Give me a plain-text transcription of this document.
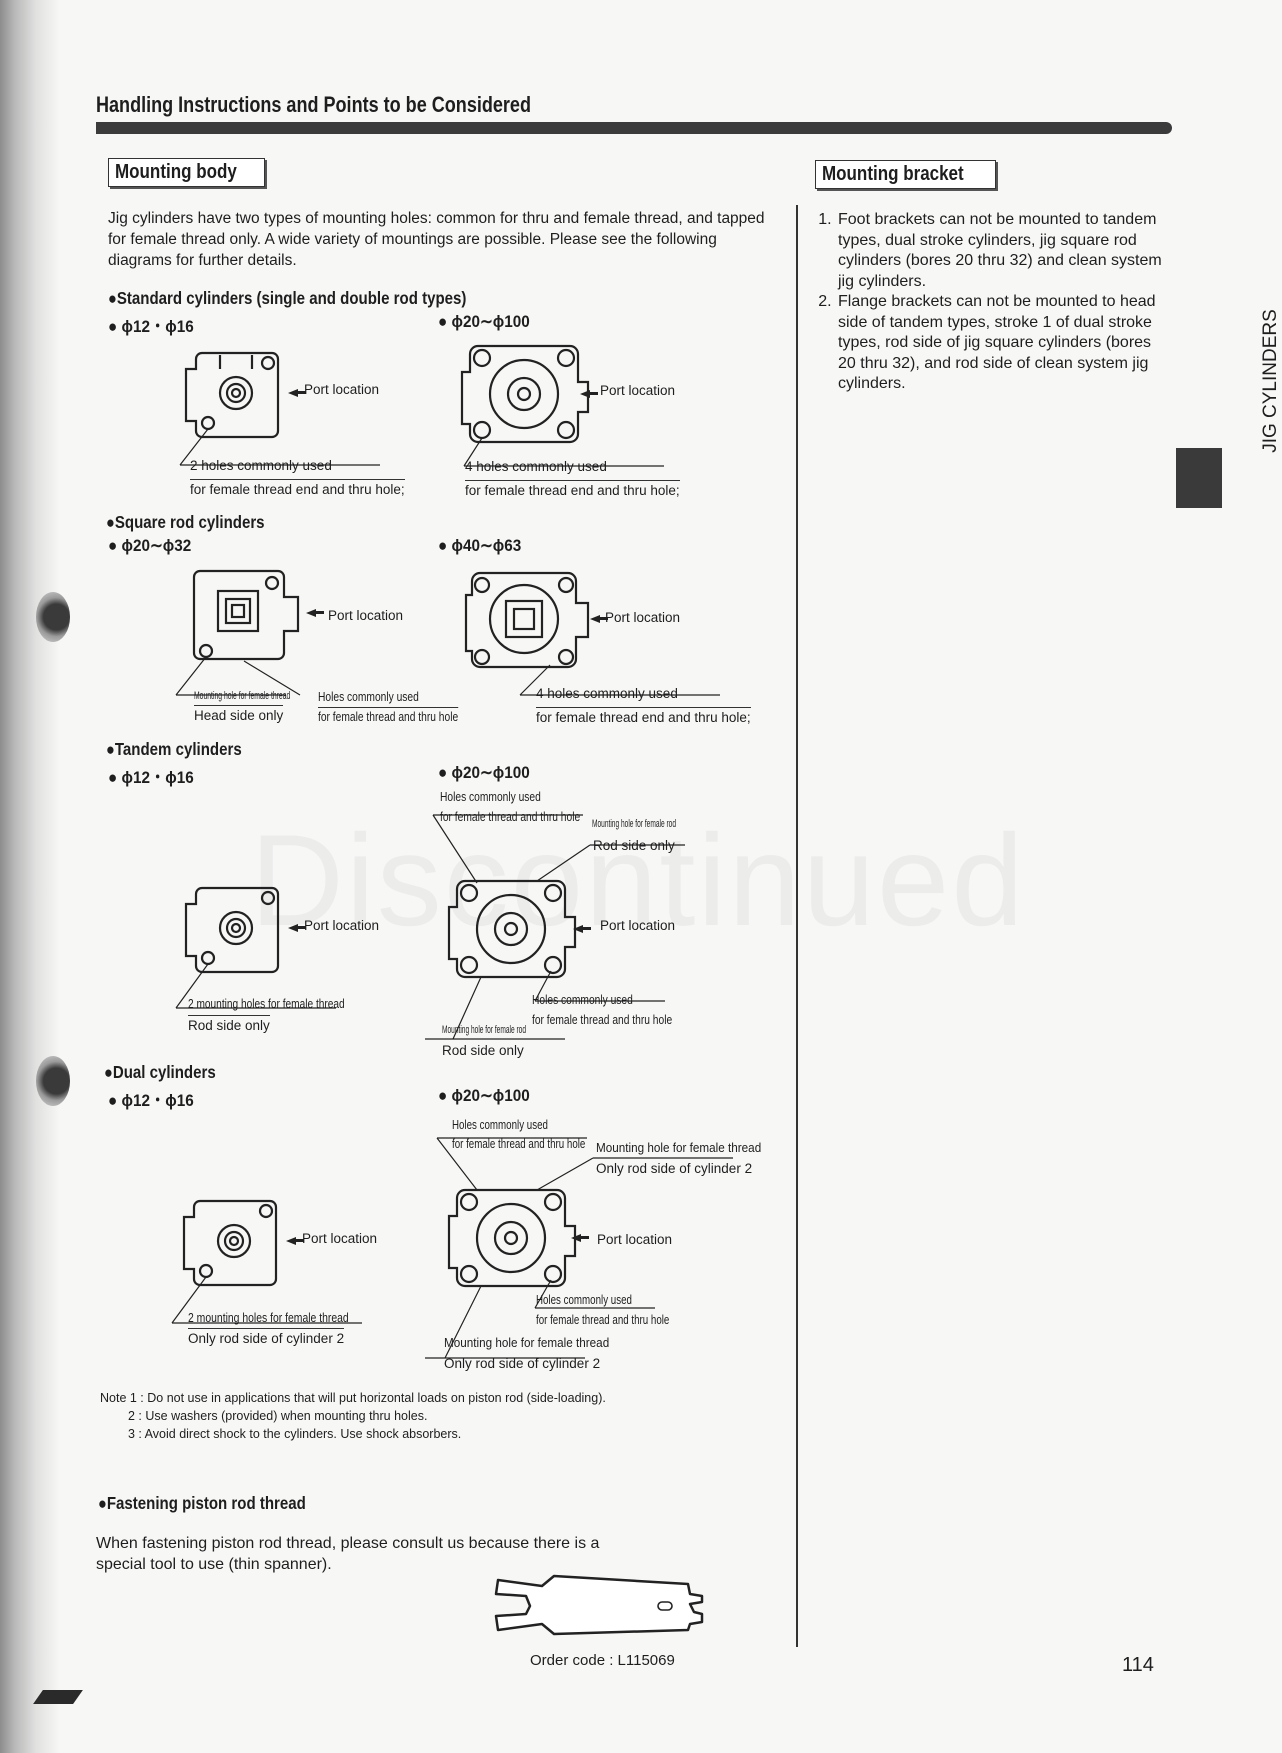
Handling Instructions and Points to be Considered
Mounting body
Jig cylinders have two types of mounting holes: common for thru and female thread, and tapped for female thread only. A wide variety of mountings are possible. Please see the following diagrams for further details.
●Standard cylinders (single and double rod types)
● ϕ12・ϕ16	● ϕ20∼ϕ100
Port location
2 holes commonly used
for female thread end and thru hole;
Port location
4 holes commonly used
for female thread end and thru hole;
●Square rod cylinders
● ϕ20∼ϕ32	● ϕ40∼ϕ63
Mounting hole for female thread
Head side only
Holes commonly used
for female thread and thru hole
Port location	Port location
4 holes commonly used
for female thread end and thru hole;
●Tandem cylinders
● ϕ12・ϕ16	● ϕ20∼ϕ100
Port location
2 mounting holes for female thread
Rod side only
Holes commonly used
for female thread and thru hole Mounting hole for female rod
Rod side only
Port location
Holes commonly used
for female thread and thru hole
Mounting hole for female rod
Rod side only
●Dual cylinders
● ϕ12・ϕ16	● ϕ20∼ϕ100
Port location
2 mounting holes for female thread
Only rod side of cylinder 2
Holes commonly used
for female thread and thru hole Mounting hole for female thread
Only rod side of cylinder 2
Port location
Holes commonly used
for female thread and thru hole
Mounting hole for female thread
Only rod side of cylinder 2
Note 1 : Do not use in applications that will put horizontal loads on piston rod (side-loading).
2 : Use washers (provided) when mounting thru holes.
3 : Avoid direct shock to the cylinders. Use shock absorbers.
●Fastening piston rod thread
When fastening piston rod thread, please consult us because there is a special tool to use (thin spanner).
Order code : L115069
Mounting bracket
1. Foot brackets can not be mounted to tandem types, dual stroke cylinders, jig square rod cylinders (bores 20 thru 32) and clean system jig cylinders.
2. Flange brackets can not be mounted to head side of tandem types, stroke 1 of dual stroke types, rod side of jig square cylinders (bores 20 thru 32), and rod side of clean system jig cylinders.	JIG CYLINDERS
114
